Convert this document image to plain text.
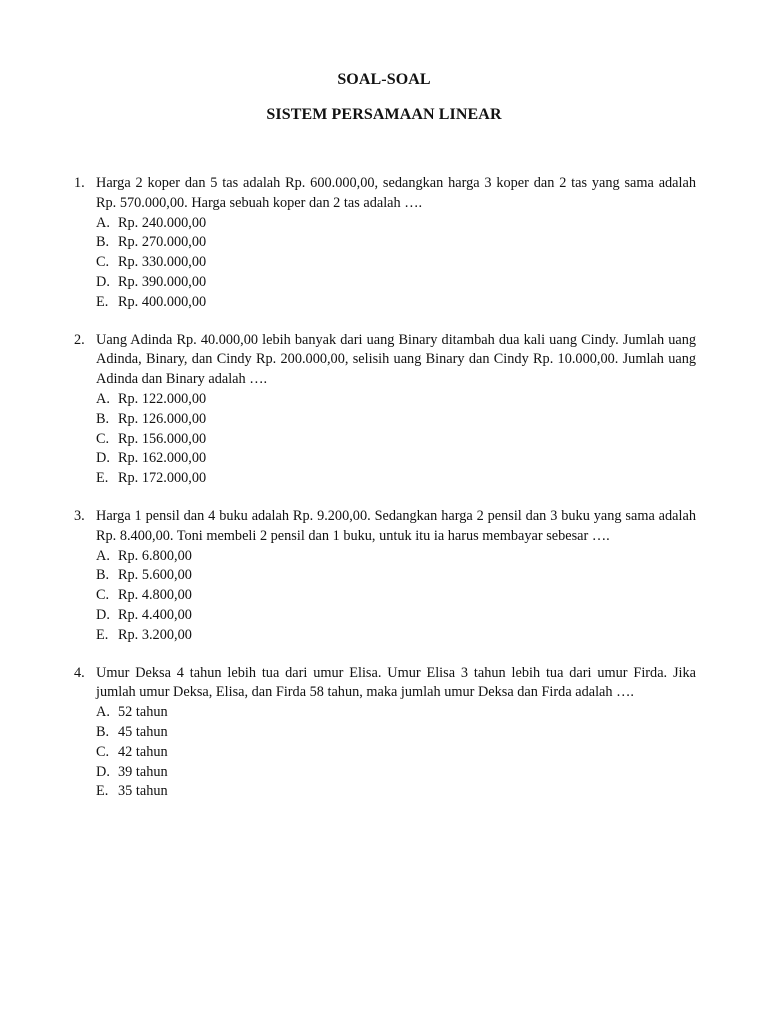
SOAL-SOAL
SISTEM PERSAMAAN LINEAR
1. Harga 2 koper dan 5 tas adalah Rp. 600.000,00, sedangkan harga 3 koper dan 2 tas yang sama adalah Rp. 570.000,00. Harga sebuah koper dan 2 tas adalah ….
A. Rp. 240.000,00
B. Rp. 270.000,00
C. Rp. 330.000,00
D. Rp. 390.000,00
E. Rp. 400.000,00
2. Uang Adinda Rp. 40.000,00 lebih banyak dari uang Binary ditambah dua kali uang Cindy. Jumlah uang Adinda, Binary, dan Cindy Rp. 200.000,00, selisih uang Binary dan Cindy Rp. 10.000,00. Jumlah uang Adinda dan Binary adalah ….
A. Rp. 122.000,00
B. Rp. 126.000,00
C. Rp. 156.000,00
D. Rp. 162.000,00
E. Rp. 172.000,00
3. Harga 1 pensil dan 4 buku adalah Rp. 9.200,00. Sedangkan harga 2 pensil dan 3 buku yang sama adalah Rp. 8.400,00. Toni membeli 2 pensil dan 1 buku, untuk itu ia harus membayar sebesar ….
A. Rp. 6.800,00
B. Rp. 5.600,00
C. Rp. 4.800,00
D. Rp. 4.400,00
E. Rp. 3.200,00
4. Umur Deksa 4 tahun lebih tua dari umur Elisa. Umur Elisa 3 tahun lebih tua dari umur Firda. Jika jumlah umur Deksa, Elisa, dan Firda 58 tahun, maka jumlah umur Deksa dan Firda adalah ….
A. 52 tahun
B. 45 tahun
C. 42 tahun
D. 39 tahun
E. 35 tahun
